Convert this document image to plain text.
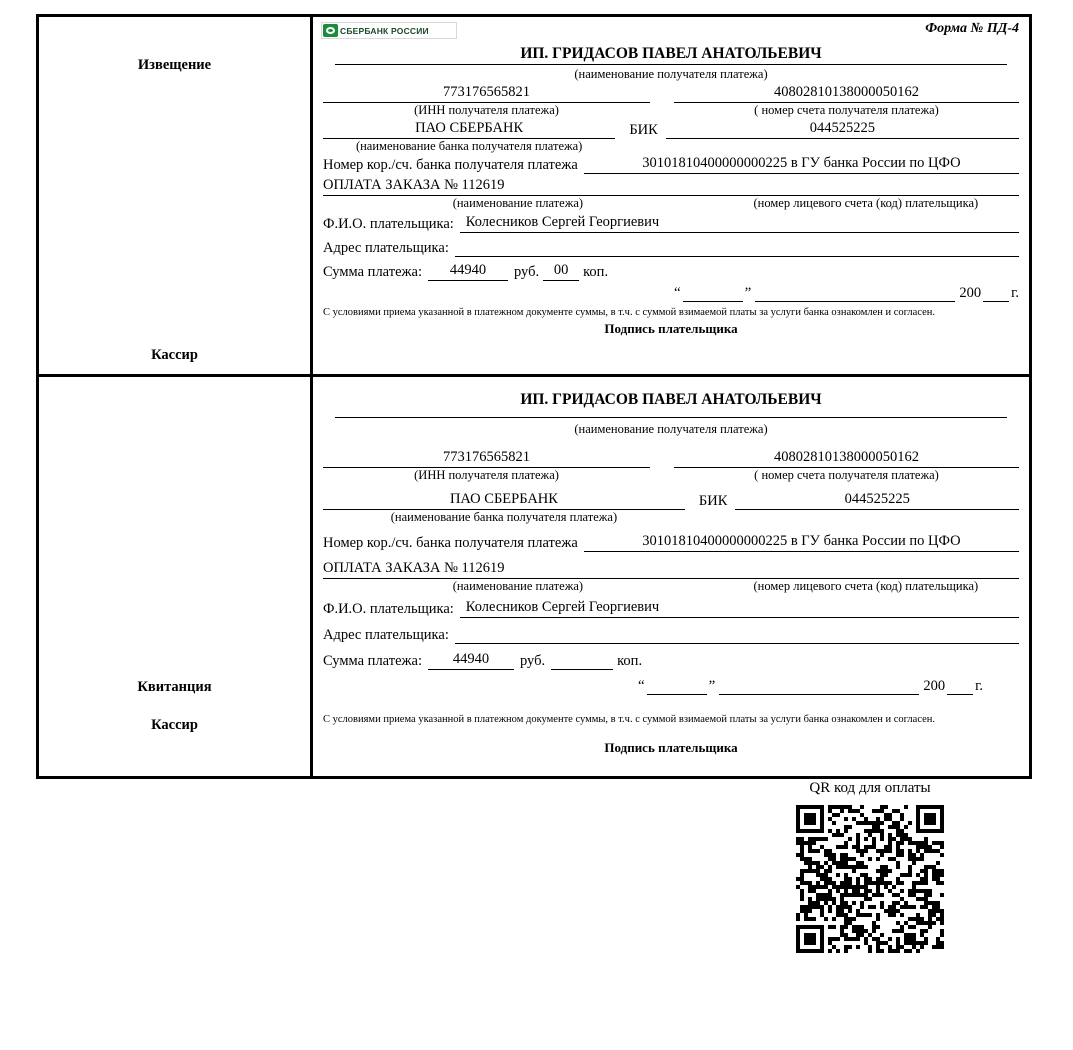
Извещение
Кассир
СБЕРБАНК РОССИИ	Форма № ПД-4
ИП. ГРИДАСОВ ПАВЕЛ АНАТОЛЬЕВИЧ
(наименование получателя платежа)
773176565821
(ИНН получателя платежа)
40802810138000050162
( номер счета получателя платежа)
ПАО СБЕРБАНК	БИК	044525225
(наименование банка получателя платежа)
Номер кор./сч. банка получателя платежа	30101810400000000225 в ГУ банка России по ЦФО
ОПЛАТА ЗАКАЗА № 112619
(наименование платежа)	(номер лицевого счета (код) плательщика)
Ф.И.О. плательщика: Колесников Сергей Георгиевич
Адрес плательщика:
Сумма платежа:	44940	руб.	00	коп.
“	”	200 г.
С условиями приема указанной в платежном документе суммы, в т.ч. с суммой взимаемой платы за услуги банка ознакомлен и согласен.
Подпись плательщика
Квитанция
Кассир
ИП. ГРИДАСОВ ПАВЕЛ АНАТОЛЬЕВИЧ
(наименование получателя платежа)
773176565821
(ИНН получателя платежа)
40802810138000050162
( номер счета получателя платежа)
ПАО СБЕРБАНК	БИК	044525225
(наименование банка получателя платежа)
Номер кор./сч. банка получателя платежа	30101810400000000225 в ГУ банка России по ЦФО
ОПЛАТА ЗАКАЗА № 112619
(наименование платежа)	(номер лицевого счета (код) плательщика)
Ф.И.О. плательщика: Колесников Сергей Георгиевич
Адрес плательщика:
Сумма платежа:	44940	руб.	коп.
“	”	200 г.
С условиями приема указанной в платежном документе суммы, в т.ч. с суммой взимаемой платы за услуги банка ознакомлен и согласен.
Подпись плательщика
QR код для оплаты
